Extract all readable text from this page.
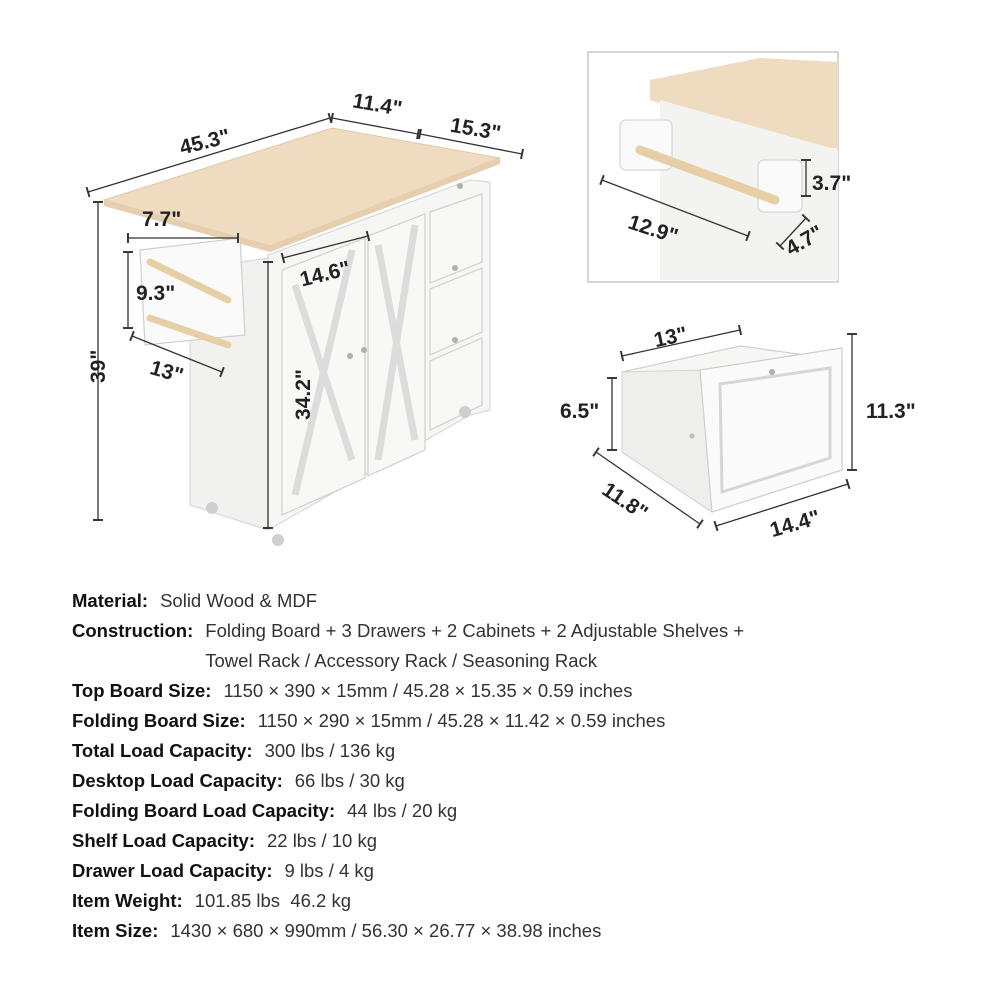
45.3"
11.4"
15.3"
7.7"
9.3"
13"
39"
34.2"
14.6"
12.9"
3.7"
4.7"
13"
6.5"	11.3"
11.8"	14.4"
Material: Solid Wood & MDF
Construction: Folding Board + 3 Drawers + 2 Cabinets + 2 Adjustable Shelves +
Towel Rack / Accessory Rack / Seasoning Rack
Top Board Size: 1150 × 390 × 15mm / 45.28 × 15.35 × 0.59 inches
Folding Board Size: 1150 × 290 × 15mm / 45.28 × 11.42 × 0.59 inches
Total Load Capacity: 300 lbs / 136 kg
Desktop Load Capacity: 66 lbs / 30 kg
Folding Board Load Capacity: 44 lbs / 20 kg
Shelf Load Capacity: 22 lbs / 10 kg
Drawer Load Capacity: 9 lbs / 4 kg
Item Weight: 101.85 lbs  46.2 kg
Item Size: 1430 × 680 × 990mm / 56.30 × 26.77 × 38.98 inches
